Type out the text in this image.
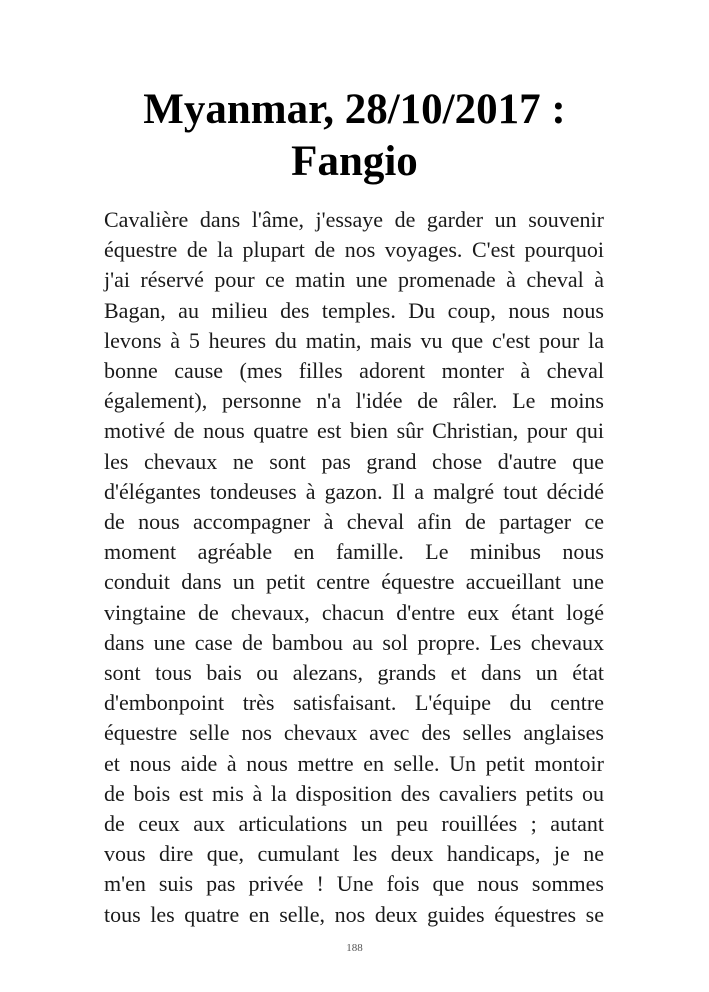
Myanmar, 28/10/2017 :
Fangio
Cavalière dans l'âme, j'essaye de garder un souvenir
équestre de la plupart de nos voyages. C'est pourquoi
j'ai réservé pour ce matin une promenade à cheval à
Bagan, au milieu des temples. Du coup, nous nous
levons à 5 heures du matin, mais vu que c'est pour la
bonne cause (mes filles adorent monter à cheval
également), personne n'a l'idée de râler. Le moins
motivé de nous quatre est bien sûr Christian, pour qui
les chevaux ne sont pas grand chose d'autre que
d'élégantes tondeuses à gazon. Il a malgré tout décidé
de nous accompagner à cheval afin de partager ce
moment agréable en famille. Le minibus nous
conduit dans un petit centre équestre accueillant une
vingtaine de chevaux, chacun d'entre eux étant logé
dans une case de bambou au sol propre. Les chevaux
sont tous bais ou alezans, grands et dans un état
d'embonpoint très satisfaisant. L'équipe du centre
équestre selle nos chevaux avec des selles anglaises
et nous aide à nous mettre en selle. Un petit montoir
de bois est mis à la disposition des cavaliers petits ou
de ceux aux articulations un peu rouillées ; autant
vous dire que, cumulant les deux handicaps, je ne
m'en suis pas privée ! Une fois que nous sommes
tous les quatre en selle, nos deux guides équestres se
188
